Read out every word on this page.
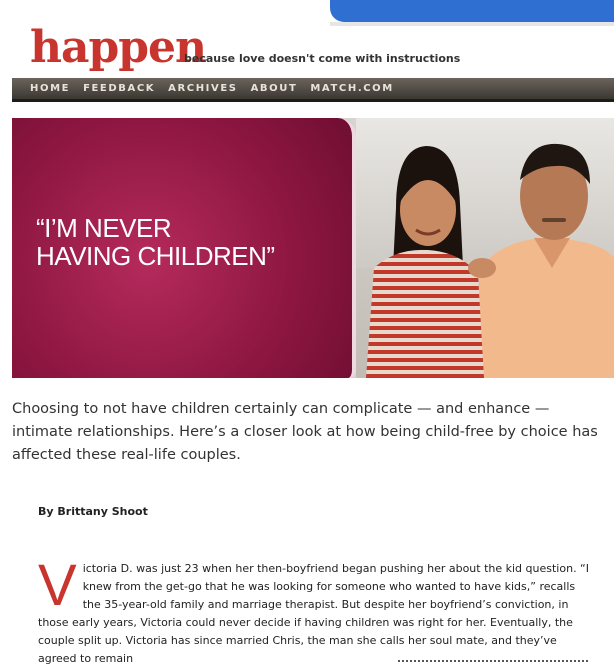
happen
because love doesn't come with instructions
HOME FEEDBACK ARCHIVES ABOUT MATCH.COM
“I’M NEVER
HAVING CHILDREN”
Choosing to not have children certainly can complicate — and enhance — intimate relationships. Here’s a closer look at how being child-free by choice has affected these real-life couples.
By Brittany Shoot
Victoria D. was just 23 when her then-boyfriend began pushing her about the kid question. “I knew from the get-go that he was looking for someone who wanted to have kids,” recalls the 35-year-old family and marriage therapist. But despite her boyfriend’s conviction, in those early years, Victoria could never decide if having children was right for her. Eventually, the couple split up. Victoria has since married Chris, the man she calls her soul mate, and they’ve agreed to remain
